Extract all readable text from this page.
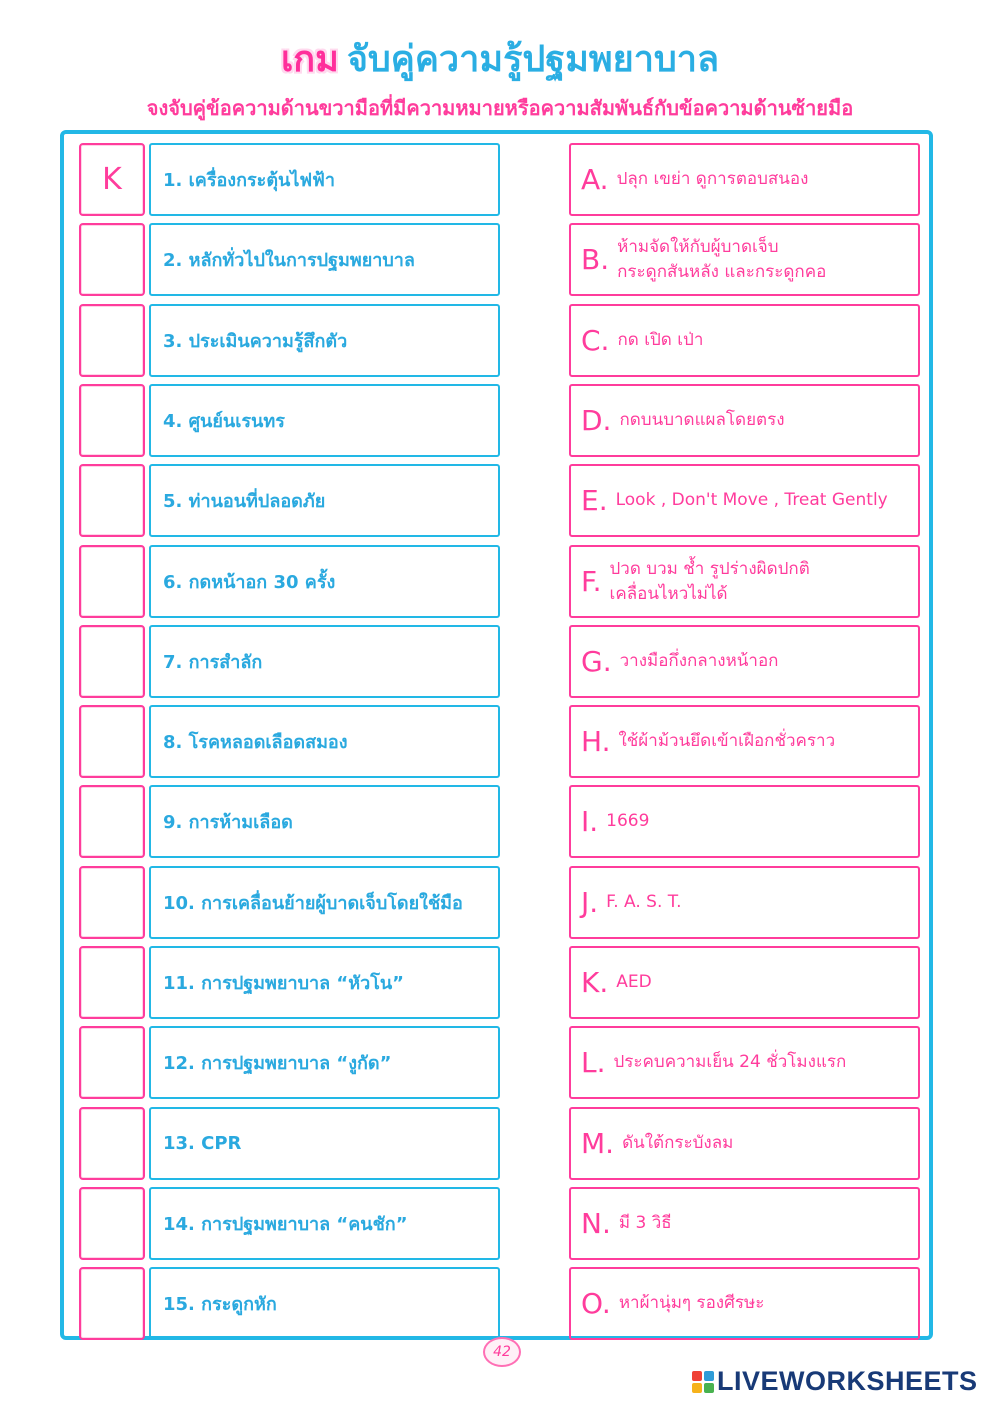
เกม จับคู่ความรู้ปฐมพยาบาล
จงจับคู่ข้อความด้านขวามือที่มีความหมายหรือความสัมพันธ์กับข้อความด้านซ้ายมือ
K	1. เครื่องกระตุ้นไฟฟ้า	A. ปลุก เขย่า ดูการตอบสนอง
2. หลักทั่วไปในการปฐมพยาบาล	B. ห้ามจัดให้กับผู้บาดเจ็บ
กระดูกสันหลัง และกระดูกคอ
3. ประเมินความรู้สึกตัว	C. กด เปิด เป่า
4. ศูนย์นเรนทร	D. กดบนบาดแผลโดยตรง
5. ท่านอนที่ปลอดภัย	E. Look , Don't Move , Treat Gently
6. กดหน้าอก 30 ครั้ง	F. ปวด บวม ช้ำ รูปร่างผิดปกติ
เคลื่อนไหวไม่ได้
7. การสำลัก	G. วางมือกึ่งกลางหน้าอก
8. โรคหลอดเลือดสมอง	H. ใช้ผ้าม้วนยึดเข้าเฝือกชั่วคราว
9. การห้ามเลือด	I. 1669
10. การเคลื่อนย้ายผู้บาดเจ็บโดยใช้มือ	J. F. A. S. T.
11. การปฐมพยาบาล “หัวโน”	K. AED
12. การปฐมพยาบาล “งูกัด”	L. ประคบความเย็น 24 ชั่วโมงแรก
13. CPR	M. ดันใต้กระบังลม
14. การปฐมพยาบาล “คนชัก”	N. มี 3 วิธี
15. กระดูกหัก	O. หาผ้านุ่มๆ รองศีรษะ
42
LIVEWORKSHEETS
